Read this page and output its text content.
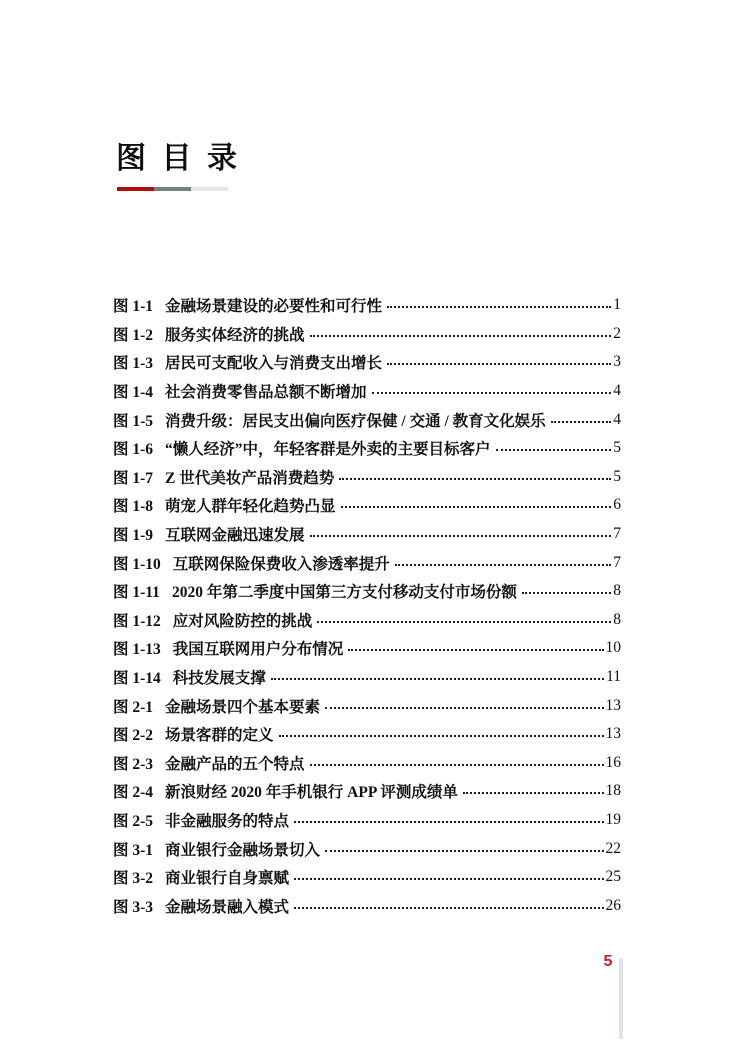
图 目 录
图 1-1 金融场景建设的必要性和可行性	1
图 1-2 服务实体经济的挑战	2
图 1-3 居民可支配收入与消费支出增长	3
图 1-4 社会消费零售品总额不断增加	4
图 1-5 消费升级：居民支出偏向医疗保健 / 交通 / 教育文化娱乐	4
图 1-6 “懒人经济”中，年轻客群是外卖的主要目标客户	5
图 1-7 Z 世代美妆产品消费趋势	5
图 1-8 萌宠人群年轻化趋势凸显	6
图 1-9 互联网金融迅速发展	7
图 1-10 互联网保险保费收入渗透率提升	7
图 1-11 2020 年第二季度中国第三方支付移动支付市场份额	8
图 1-12 应对风险防控的挑战	8
图 1-13 我国互联网用户分布情况	10
图 1-14 科技发展支撑	11
图 2-1 金融场景四个基本要素	13
图 2-2 场景客群的定义	13
图 2-3 金融产品的五个特点	16
图 2-4 新浪财经 2020 年手机银行 APP 评测成绩单	18
图 2-5 非金融服务的特点	19
图 3-1 商业银行金融场景切入	22
图 3-2 商业银行自身禀赋	25
图 3-3 金融场景融入模式	26
5
